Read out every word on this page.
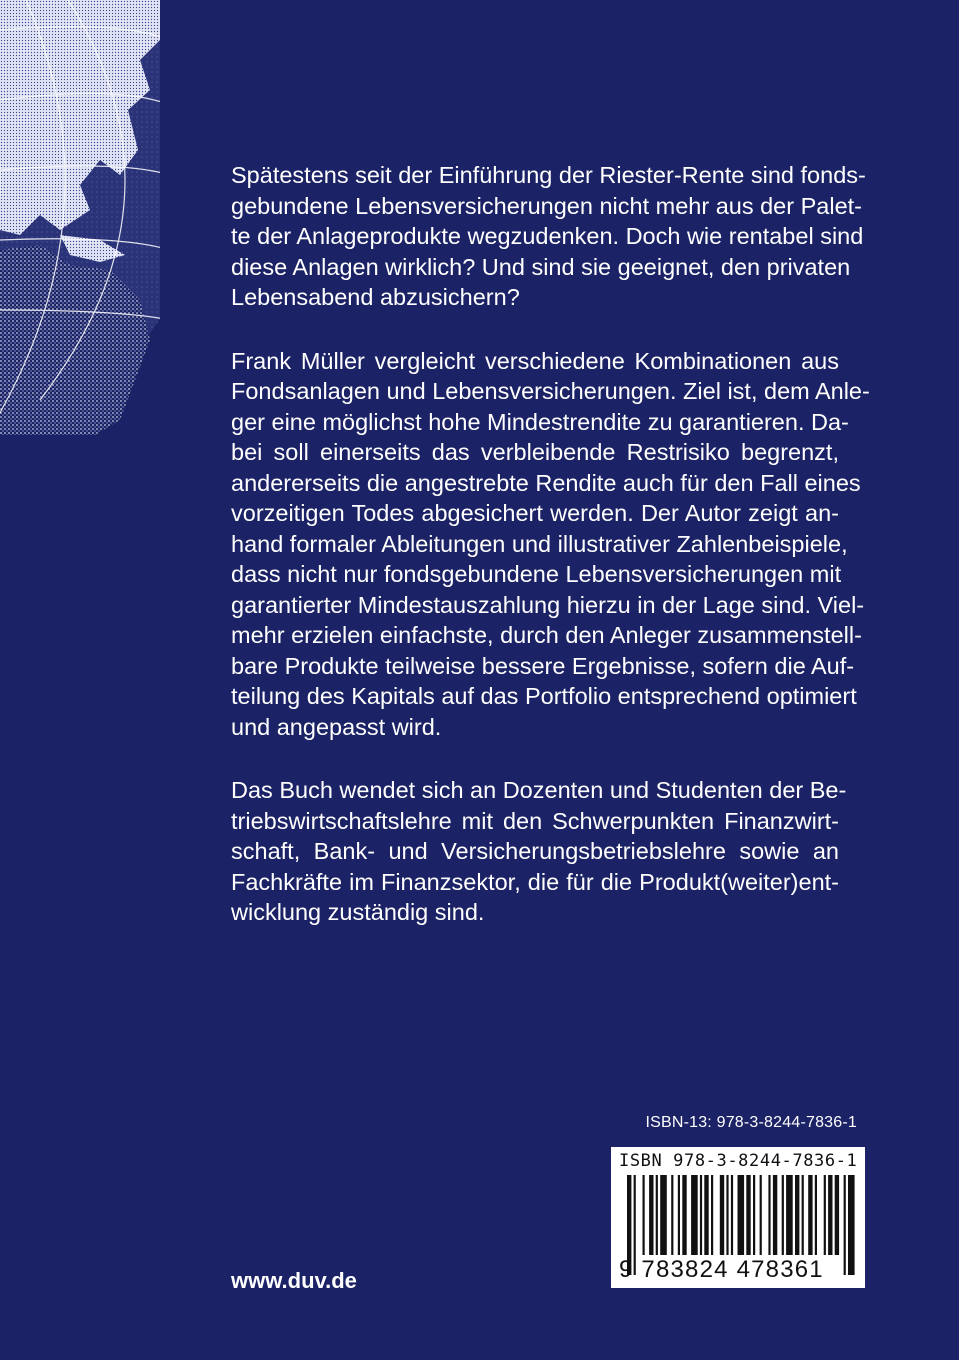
Spätestens seit der Einführung der Riester-Rente sind fonds-
gebundene Lebensversicherungen nicht mehr aus der Palet-
te der Anlageprodukte wegzudenken. Doch wie rentabel sind
diese Anlagen wirklich? Und sind sie geeignet, den privaten
Lebensabend abzusichern?
Frank Müller vergleicht verschiedene Kombinationen aus
Fondsanlagen und Lebensversicherungen. Ziel ist, dem Anle-
ger eine möglichst hohe Mindestrendite zu garantieren. Da-
bei soll einerseits das verbleibende Restrisiko begrenzt,
andererseits die angestrebte Rendite auch für den Fall eines
vorzeitigen Todes abgesichert werden. Der Autor zeigt an-
hand formaler Ableitungen und illustrativer Zahlenbeispiele,
dass nicht nur fondsgebundene Lebensversicherungen mit
garantierter Mindestauszahlung hierzu in der Lage sind. Viel-
mehr erzielen einfachste, durch den Anleger zusammenstell-
bare Produkte teilweise bessere Ergebnisse, sofern die Auf-
teilung des Kapitals auf das Portfolio entsprechend optimiert
und angepasst wird.
Das Buch wendet sich an Dozenten und Studenten der Be-
triebswirtschaftslehre mit den Schwerpunkten Finanzwirt-
schaft, Bank- und Versicherungsbetriebslehre sowie an
Fachkräfte im Finanzsektor, die für die Produkt(weiter)ent-
wicklung zuständig sind.
ISBN-13: 978-3-8244-7836-1
ISBN 978-3-8244-7836-1
9 783824 478361
www.duv.de
